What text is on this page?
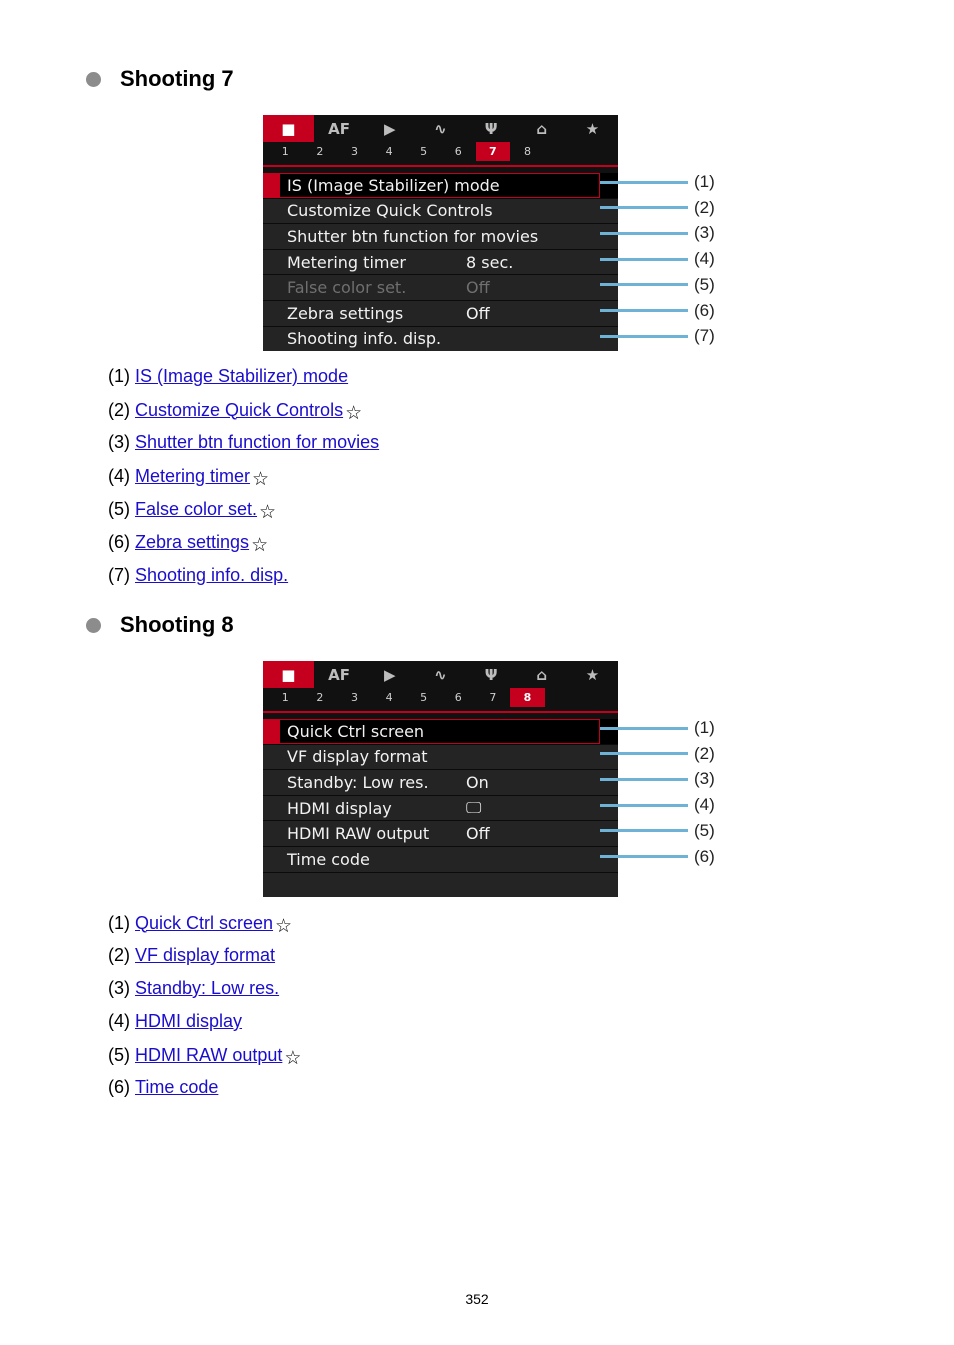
Shooting 7
■	AF	▶	∿	Ψ	⌂	★
1	2	3	4	5	6	7	8
IS (Image Stabilizer) mode
Customize Quick Controls
Shutter btn function for movies
Metering timer	8 sec.
False color set.	Off
Zebra settings	Off
Shooting info. disp.
(1)
(2)
(3)
(4)
(5)
(6)
(7)
(1) IS (Image Stabilizer) mode
(2) Customize Quick Controls ☆
(3) Shutter btn function for movies
(4) Metering timer ☆
(5) False color set. ☆
(6) Zebra settings ☆
(7) Shooting info. disp.
Shooting 8
■	AF	▶	∿	Ψ	⌂	★
1	2	3	4	5	6	7	8
Quick Ctrl screen
VF display format
Standby: Low res.	On
HDMI display	🖵
HDMI RAW output	Off
Time code
(1)
(2)
(3)
(4)
(5)
(6)
(1) Quick Ctrl screen ☆
(2) VF display format
(3) Standby: Low res.
(4) HDMI display
(5) HDMI RAW output ☆
(6) Time code
352
